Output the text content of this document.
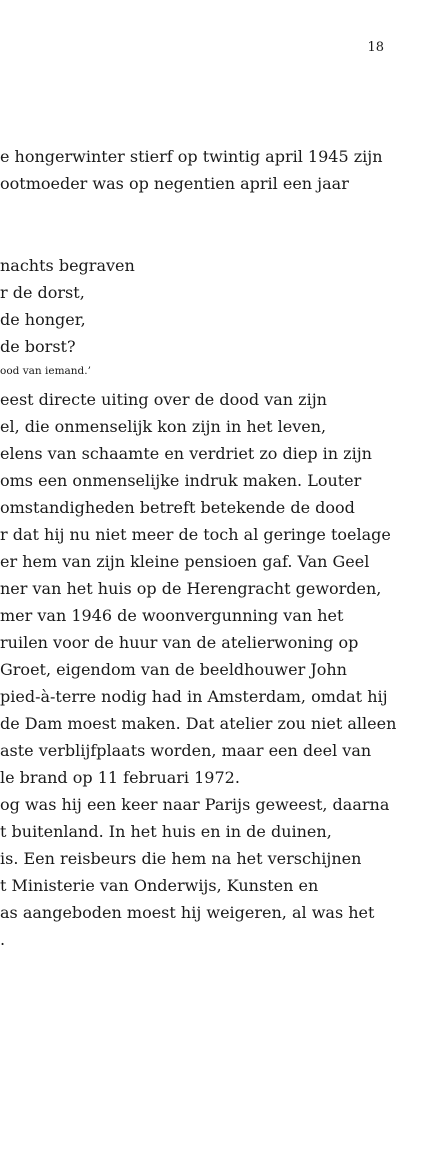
18
e hongerwinter stierf op twintig april 1945 zijn
ootmoeder was op negentien april een jaar
nachts begraven
r de dorst,
de honger,
de borst?
ood van iemand.’
eest directe uiting over de dood van zijn
el, die onmenselijk kon zijn in het leven,
elens van schaamte en verdriet zo diep in zijn
oms een onmenselijke indruk maken. Louter
omstandigheden betreft betekende de dood
r dat hij nu niet meer de toch al geringe toelage
er hem van zijn kleine pensioen gaf. Van Geel
ner van het huis op de Herengracht geworden,
mer van 1946 de woonvergunning van het
ruilen voor de huur van de atelierwoning op
Groet, eigendom van de beeldhouwer John
pied-à-terre nodig had in Amsterdam, omdat hij
de Dam moest maken. Dat atelier zou niet alleen
aste verblijfplaats worden, maar een deel van
le brand op 11 februari 1972.
og was hij een keer naar Parijs geweest, daarna
t buitenland. In het huis en in de duinen,
is. Een reisbeurs die hem na het verschijnen
t Ministerie van Onderwijs, Kunsten en
as aangeboden moest hij weigeren, al was het
.
